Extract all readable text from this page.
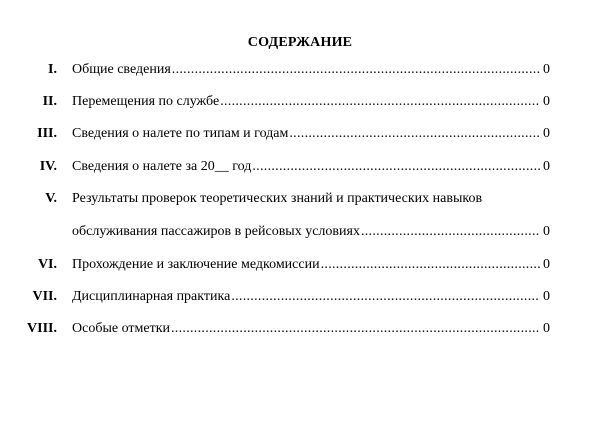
СОДЕРЖАНИЕ
I. Общие сведения .....	0
II. Перемещения по службе .....	0
III. Сведения о налете по типам и годам .....	0
IV. Сведения о налете за 20__ год .....	0
V. Результаты проверок теоретических знаний и практических навыков
обслуживания пассажиров в рейсовых условиях .....	0
VI. Прохождение и заключение медкомиссии .....	0
VII. Дисциплинарная практика .....	0
VIII. Особые отметки .....	0
